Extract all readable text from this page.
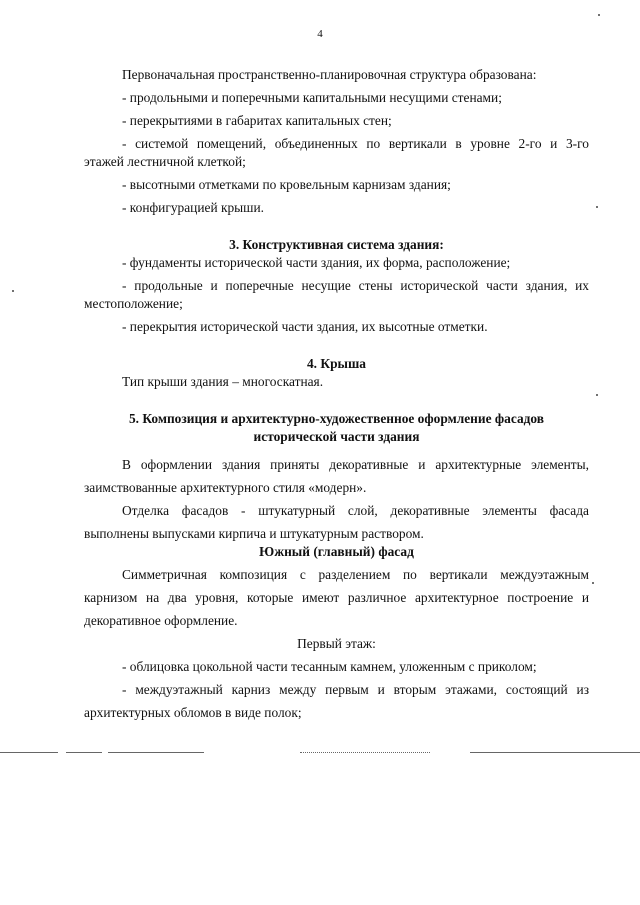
4

Первоначальная пространственно-планировочная структура образована:

- продольными и поперечными капитальными несущими стенами;

- перекрытиями в габаритах капитальных стен;

- системой помещений, объединенных по вертикали в уровне 2-го и 3-го

этажей лестничной клеткой;

- высотными отметками по кровельным карнизам здания;

- конфигурацией крыши.

3. Конструктивная система здания:

- фундаменты исторической части здания, их форма, расположение;

- продольные и поперечные несущие стены исторической части здания, их

местоположение;

- перекрытия исторической части здания, их высотные отметки.

4. Крыша

Тип крыши здания – многоскатная.

5. Композиция и архитектурно-художественное оформление фасадов

исторической части здания

В оформлении здания приняты декоративные и архитектурные элементы,

заимствованные архитектурного стиля «модерн».

Отделка фасадов - штукатурный слой, декоративные элементы фасада

выполнены выпусками кирпича и штукатурным раствором.

Южный (главный) фасад

Симметричная композиция с разделением по вертикали междуэтажным

карнизом на два уровня, которые имеют различное архитектурное построение и

декоративное оформление.

Первый этаж:

- облицовка цокольной части тесанным камнем, уложенным с приколом;

- междуэтажный карниз между первым и вторым этажами, состоящий из

архитектурных обломов в виде полок;
